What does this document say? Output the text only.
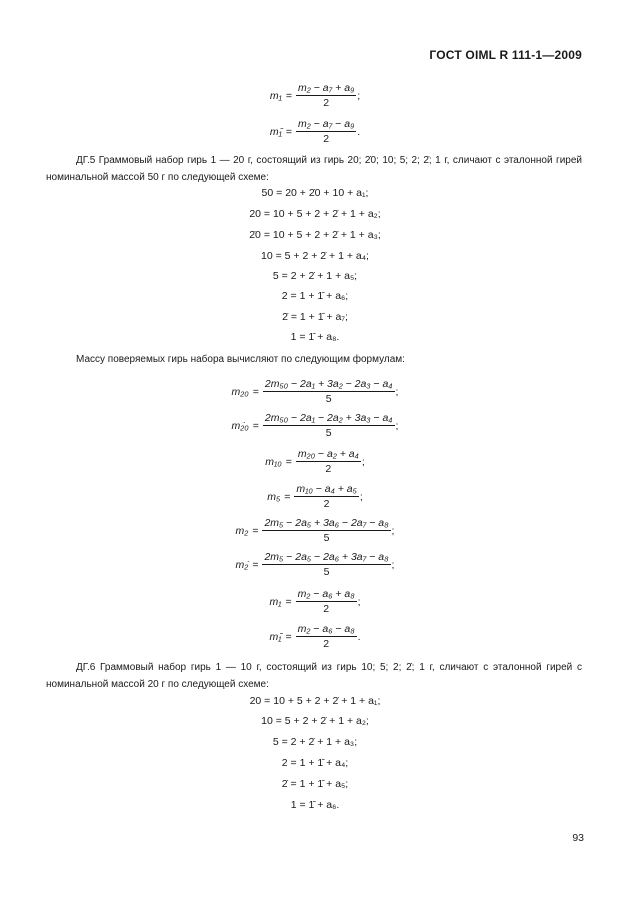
ГОСТ OIML R 111-1—2009
$m_1 = \frac{\text{m₂ − a₇ + a₉}}{2}$ ;
m₁̄ = $\frac{\text{m₂ − a₇ − a₉}}{2}$ .
ДГ.5 Граммовый набор гирь 1 — 20 г, состоящий из гирь 20; 2̇0; 10; 5; 2; 2̇; 1 г, сличают с эталонной гирей номинальной массой 50 г по следующей схеме:
50 = 20 + 2̇0 + 10 + a₁;
20 = 10 + 5 + 2 + 2̇ + 1 + a₂;
2̇0 = 10 + 5 + 2 + 2̇ + 1 + a₃;
10 = 5 + 2 + 2̇ + 1 + a₄;
5 = 2 + 2̇ + 1 + a₅;
2 = 1 + 1̄ + a₆;
2̇ = 1 + 1̄ + a₇;
1 = 1̄ + a₈.
Массу поверяемых гирь набора вычисляют по следующим формулам:
$m_{20} = \frac{\text{2m₅₀ − 2a₁ + 3a₂ − 2a₃ − a₄}}{5}$ ;
m₂̇₀ = $\frac{\text{2m₅₀ − 2a₁ − 2a₂ + 3a₃ − a₄}}{5}$ ;
$m_{10} = \frac{\text{m₂₀ − a₂ + a₄}}{2}$ ;
$m_5 = \frac{\text{m₁₀ − a₄ + a₅}}{2}$ ;
$m_2 = \frac{\text{2m₅ − 2a₅ + 3a₆ − 2a₇ − a₈}}{5}$ ;
m₂̇ = $\frac{\text{2m₅ − 2a₅ − 2a₆ + 3a₇ − a₈}}{5}$ ;
$m_1 = \frac{\text{m₂ − a₆ + a₈}}{2}$ ;
m₁̄ = $\frac{\text{m₂ − a₆ − a₈}}{2}$ .
ДГ.6 Граммовый набор гирь 1 — 10 г, состоящий из гирь 10; 5; 2; 2̇; 1 г, сличают с эталонной гирей с номинальной массой 20 г по следующей схеме:
20 = 10 + 5 + 2 + 2̇ + 1 + a₁;
10 = 5 + 2 + 2̇ + 1 + a₂;
5 = 2 + 2̇ + 1 + a₃;
2 = 1 + 1̄ + a₄;
2̇ = 1 + 1̄ + a₅;
1 = 1̄ + a₆.
93
